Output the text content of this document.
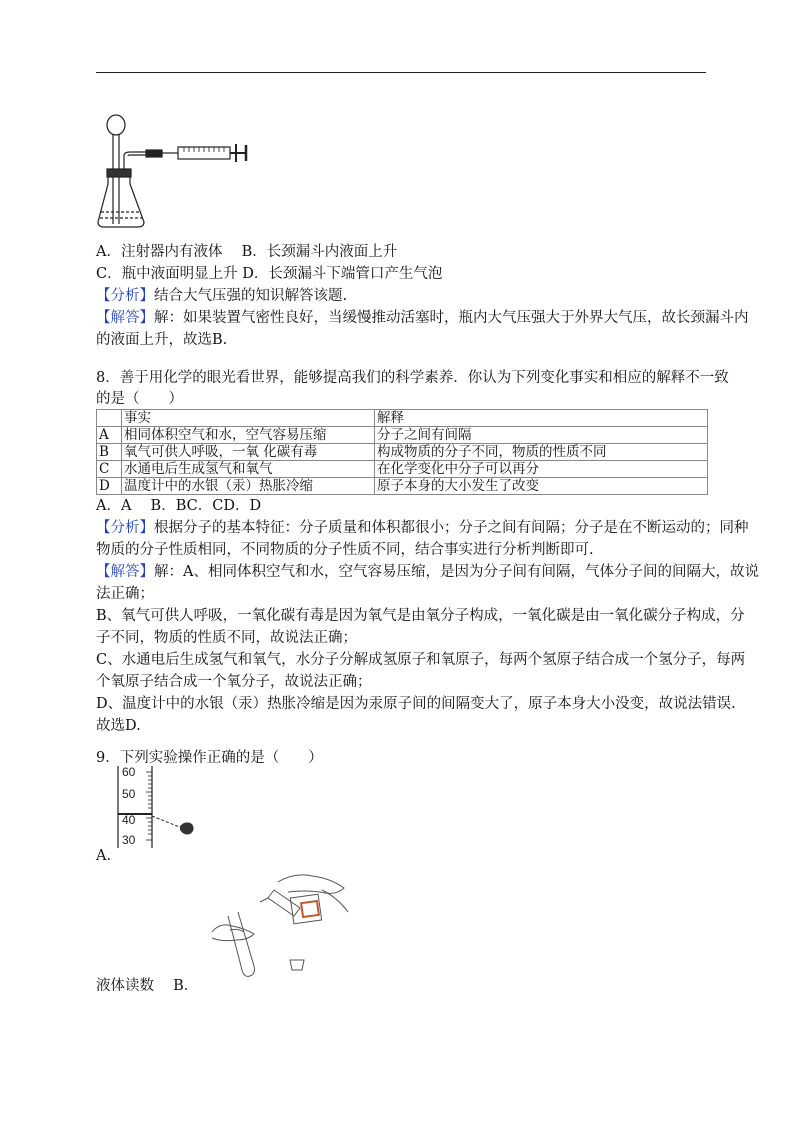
A．注射器内有液体　 B．长颈漏斗内液面上升
C．瓶中液面明显上升 D．长颈漏斗下端管口产生气泡
【分析】结合大气压强的知识解答该题.
【解答】解：如果装置气密性良好，当缓慢推动活塞时，瓶内大气压强大于外界大气压，故长颈漏斗内
的液面上升，故选B.
8．善于用化学的眼光看世界，能够提高我们的科学素养．你认为下列变化事实和相应的解释不一致
的是（　　）
	事实	解释
A	相同体积空气和水，空气容易压缩	分子之间有间隔
B	氧气可供人呼吸，一氧 化碳有毒	构成物质的分子不同，物质的性质不同
C	水通电后生成氢气和氧气	在化学变化中分子可以再分
D	温度计中的水银（汞）热胀冷缩	原子本身的大小发生了改变
A．A　 B．BC．CD．D
【分析】根据分子的基本特征：分子质量和体积都很小；分子之间有间隔；分子是在不断运动的；同种
物质的分子性质相同，不同物质的分子性质不同，结合事实进行分析判断即可.
【解答】解：A、相同体积空气和水，空气容易压缩，是因为分子间有间隔，气体分子间的间隔大，故说
法正确；
B、氧气可供人呼吸，一氧化碳有毒是因为氧气是由氧分子构成，一氧化碳是由一氧化碳分子构成，分
子不同，物质的性质不同，故说法正确；
C、水通电后生成氢气和氧气，水分子分解成氢原子和氧原子，每两个氢原子结合成一个氢分子，每两
个氧原子结合成一个氧分子，故说法正确；
D、温度计中的水银（汞）热胀冷缩是因为汞原子间的间隔变大了，原子本身大小没变，故说法错误.
故选D.
9．下列实验操作正确的是（　　）
60
50
40
30
A．
液体读数　 B．
